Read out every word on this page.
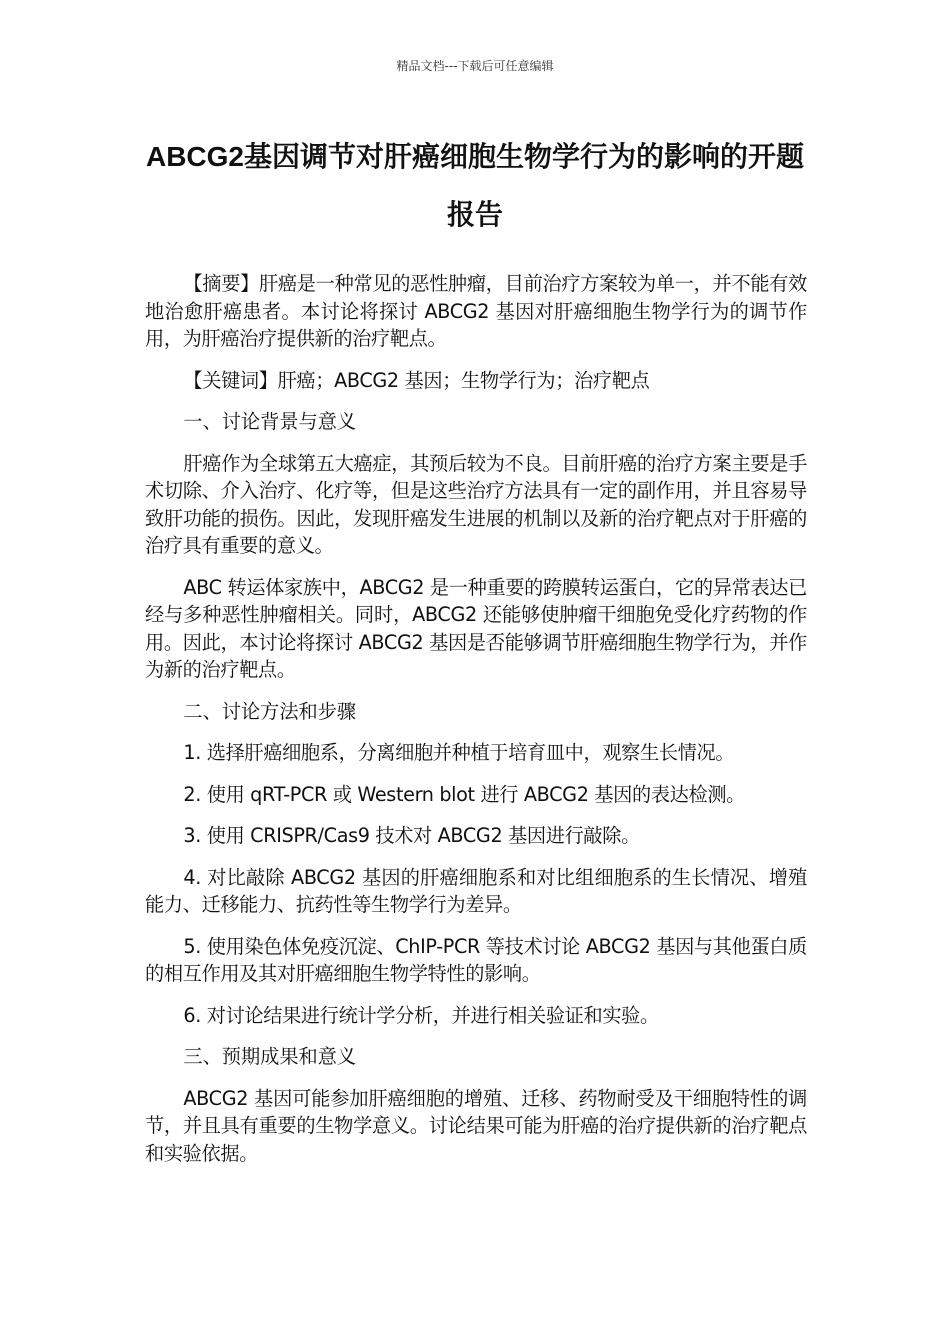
精品文档---下载后可任意编辑
ABCG2基因调节对肝癌细胞生物学行为的影响的开题报告

【摘要】肝癌是一种常见的恶性肿瘤，目前治疗方案较为单一，并不能有效地治愈肝癌患者。本讨论将探讨 ABCG2 基因对肝癌细胞生物学行为的调节作用，为肝癌治疗提供新的治疗靶点。

【关键词】肝癌；ABCG2 基因；生物学行为；治疗靶点

一、讨论背景与意义

肝癌作为全球第五大癌症，其预后较为不良。目前肝癌的治疗方案主要是手术切除、介入治疗、化疗等，但是这些治疗方法具有一定的副作用，并且容易导致肝功能的损伤。因此，发现肝癌发生进展的机制以及新的治疗靶点对于肝癌的治疗具有重要的意义。

ABC 转运体家族中，ABCG2 是一种重要的跨膜转运蛋白，它的异常表达已经与多种恶性肿瘤相关。同时，ABCG2 还能够使肿瘤干细胞免受化疗药物的作用。因此，本讨论将探讨 ABCG2 基因是否能够调节肝癌细胞生物学行为，并作为新的治疗靶点。

二、讨论方法和步骤

1. 选择肝癌细胞系，分离细胞并种植于培育皿中，观察生长情况。

2. 使用 qRT-PCR 或 Western blot 进行 ABCG2 基因的表达检测。

3. 使用 CRISPR/Cas9 技术对 ABCG2 基因进行敲除。

4. 对比敲除 ABCG2 基因的肝癌细胞系和对比组细胞系的生长情况、增殖能力、迁移能力、抗药性等生物学行为差异。

5. 使用染色体免疫沉淀、ChIP-PCR 等技术讨论 ABCG2 基因与其他蛋白质的相互作用及其对肝癌细胞生物学特性的影响。

6. 对讨论结果进行统计学分析，并进行相关验证和实验。

三、预期成果和意义

ABCG2 基因可能参加肝癌细胞的增殖、迁移、药物耐受及干细胞特性的调节，并且具有重要的生物学意义。讨论结果可能为肝癌的治疗提供新的治疗靶点和实验依据。
